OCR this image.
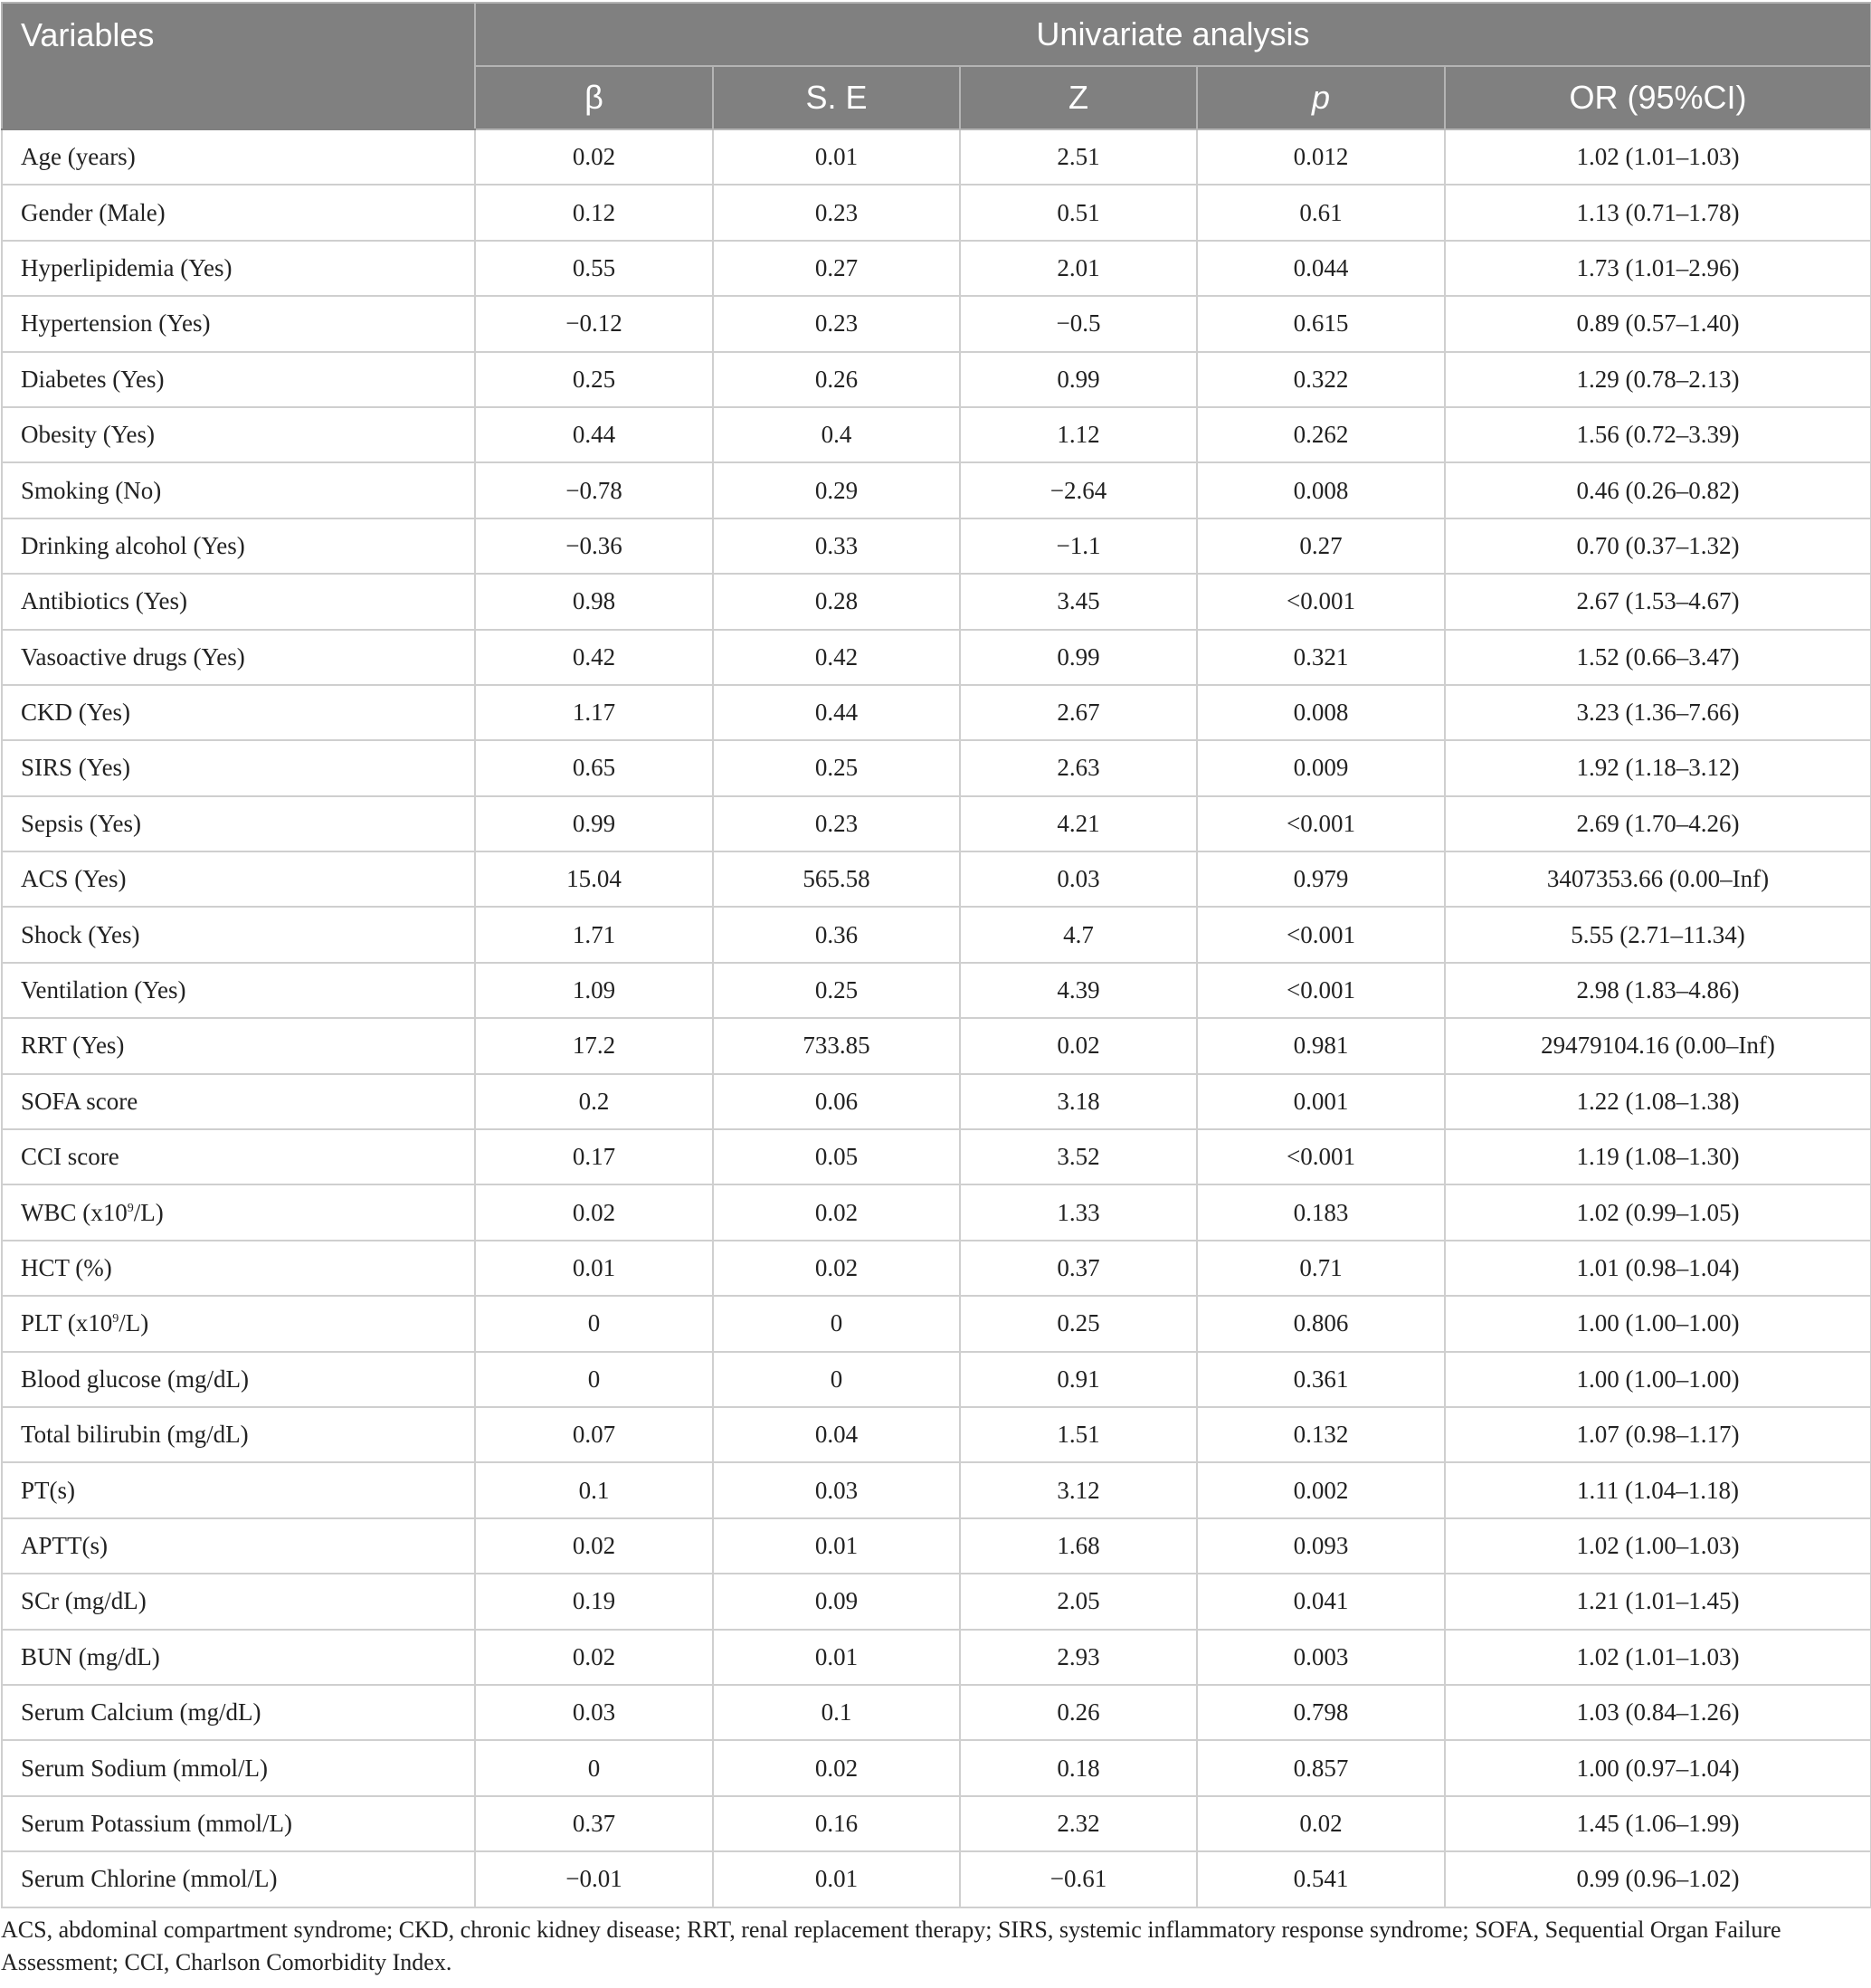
Variables	Univariate analysis				
	β	S. E	Z	p	OR (95%CI)
Age (years)	0.02	0.01	2.51	0.012	1.02 (1.01–1.03)
Gender (Male)	0.12	0.23	0.51	0.61	1.13 (0.71–1.78)
Hyperlipidemia (Yes)	0.55	0.27	2.01	0.044	1.73 (1.01–2.96)
Hypertension (Yes)	−0.12	0.23	−0.5	0.615	0.89 (0.57–1.40)
Diabetes (Yes)	0.25	0.26	0.99	0.322	1.29 (0.78–2.13)
Obesity (Yes)	0.44	0.4	1.12	0.262	1.56 (0.72–3.39)
Smoking (No)	−0.78	0.29	−2.64	0.008	0.46 (0.26–0.82)
Drinking alcohol (Yes)	−0.36	0.33	−1.1	0.27	0.70 (0.37–1.32)
Antibiotics (Yes)	0.98	0.28	3.45	<0.001	2.67 (1.53–4.67)
Vasoactive drugs (Yes)	0.42	0.42	0.99	0.321	1.52 (0.66–3.47)
CKD (Yes)	1.17	0.44	2.67	0.008	3.23 (1.36–7.66)
SIRS (Yes)	0.65	0.25	2.63	0.009	1.92 (1.18–3.12)
Sepsis (Yes)	0.99	0.23	4.21	<0.001	2.69 (1.70–4.26)
ACS (Yes)	15.04	565.58	0.03	0.979	3407353.66 (0.00–Inf)
Shock (Yes)	1.71	0.36	4.7	<0.001	5.55 (2.71–11.34)
Ventilation (Yes)	1.09	0.25	4.39	<0.001	2.98 (1.83–4.86)
RRT (Yes)	17.2	733.85	0.02	0.981	29479104.16 (0.00–Inf)
SOFA score	0.2	0.06	3.18	0.001	1.22 (1.08–1.38)
CCI score	0.17	0.05	3.52	<0.001	1.19 (1.08–1.30)
WBC $(x10^9/L)$	0.02	0.02	1.33	0.183	1.02 (0.99–1.05)
HCT (%)	0.01	0.02	0.37	0.71	1.01 (0.98–1.04)
PLT $(x10^9/L)$	0	0	0.25	0.806	1.00 (1.00–1.00)
Blood glucose (mg/dL)	0	0	0.91	0.361	1.00 (1.00–1.00)
Total bilirubin (mg/dL)	0.07	0.04	1.51	0.132	1.07 (0.98–1.17)
PT(s)	0.1	0.03	3.12	0.002	1.11 (1.04–1.18)
APTT(s)	0.02	0.01	1.68	0.093	1.02 (1.00–1.03)
SCr (mg/dL)	0.19	0.09	2.05	0.041	1.21 (1.01–1.45)
BUN (mg/dL)	0.02	0.01	2.93	0.003	1.02 (1.01–1.03)
Serum Calcium (mg/dL)	0.03	0.1	0.26	0.798	1.03 (0.84–1.26)
Serum Sodium (mmol/L)	0	0.02	0.18	0.857	1.00 (0.97–1.04)
Serum Potassium (mmol/L)	0.37	0.16	2.32	0.02	1.45 (1.06–1.99)
Serum Chlorine (mmol/L)	−0.01	0.01	−0.61	0.541	0.99 (0.96–1.02)
ACS, abdominal compartment syndrome; CKD, chronic kidney disease; RRT, renal replacement therapy; SIRS, systemic inflammatory response syndrome; SOFA, Sequential Organ Failure Assessment; CCI, Charlson Comorbidity Index.
